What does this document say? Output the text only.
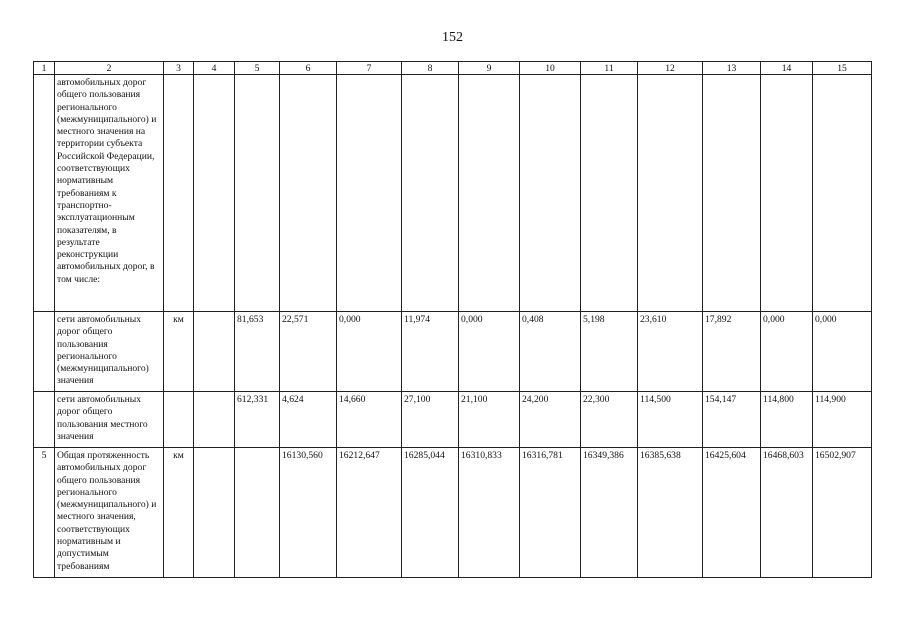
152
1	2	3	4	5	6	7	8	9	10	11	12	13	14	15
	автомобильных дорог общего пользования регионального (межмуниципального) и местного значения на территории субъекта Российской Федерации, соответствующих нормативным требованиям к транспортно-эксплуатационным показателям, в результате реконструкции автомобильных дорог, в том числе:													
	сети автомобильных дорог общего пользования регионального (межмуниципального) значения	км		81,653	22,571	0,000	11,974	0,000	0,408	5,198	23,610	17,892	0,000	0,000
	сети автомобильных дорог общего пользования местного значения			612,331	4,624	14,660	27,100	21,100	24,200	22,300	114,500	154,147	114,800	114,900
5	Общая протяженность автомобильных дорог общего пользования регионального (межмуниципального) и местного значения, соответствующих нормативным и допустимым требованиям	км			16130,560	16212,647	16285,044	16310,833	16316,781	16349,386	16385,638	16425,604	16468,603	16502,907
